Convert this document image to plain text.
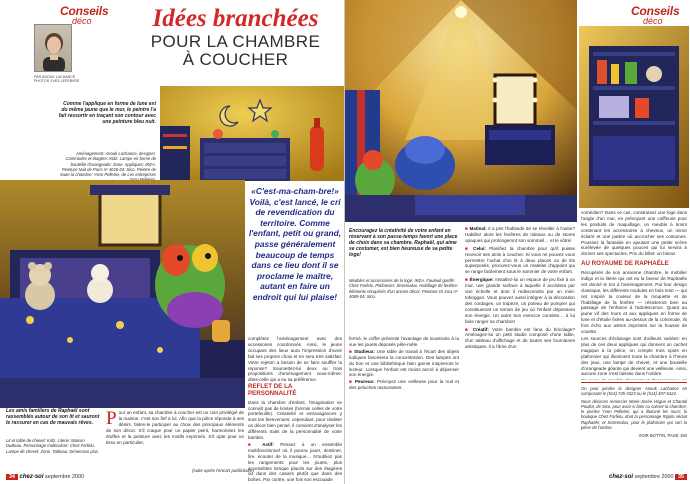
Conseils
déco
PAR ANOUK LACHANCE
PHOTOS YVES LEFEBVRE
Idées branchées
POUR LA CHAMBRE
À COUCHER
Comme l'applique en forme de lune est du même jaune que le mur, le peintre l'a fait ressortir en traçant son contour avec une peinture bleu nuit.
Aménagement: Anouk Lachance, designer. Commodes et étagère: Kidz. Lampe en forme de bouteille d'orangeade: Zone. Appliques: IKEA. Peinture Nuit de Paris nº 4026-03: Sico. Peintre de toute la chambre: Yvon Pelletier, de Les entreprises
«C'est-ma-cham-bre!» Voilà, c'est lancé, le cri de revendication du territoire. Comme l'enfant, petit ou grand, passe généralement beaucoup de temps dans ce lieu dont il se proclame le maître, autant en faire un endroit qui lui plaise!
Les amis familiers de Raphaël sont rassemblés autour de son lit et sauront le rassurer en cas de mauvais rêves.
Lit et table de chevet: Kidz. Literie: Maison DuBeau. Personnage multicolore: Chez Farfelu. Lampe de chevet: Zone. Tableau: Dimension plus.

complétez l'aménagement avec des accessoires coordonnés. Ainsi, le jeune occupant des lieux aura l'impression d'avoir fait ses propres choix et en sera très satisfait. Votre rejeton a besoin de se faire souffler la réponse? Soumettez-lui deux ou trois propositions d'aménagement vous-même: dites-celle qui a eu sa préférence.

REFLET DE LA PERSONNALITÉ

Dans la chambre d'enfant, l'imagination ne connaît pas de limites (hormis celles de votre portefeuille). Créativité et extravagances y sont les bienvenues; cependant, pour réaliser un décor bien pensé, il convient d'analyser les différents traits de la personnalité de votre bambin.

■ Actif: Pensez à un ensemble multifonctionnel où il pourra jouer, dessiner, lire, écouter de la musique… N'oubliez pas les rangements pour les jouets, plus accessibles lorsque placés sur des étagères ou dans des casiers plutôt que dans des boîtes. Par contre, une fois son escouade

P our un enfant, sa chambre à coucher est un coin privilégié de la maison; c'est son fief à lui. Afin que la pièce réponde à ses désirs, faites-le participer au choix des principaux éléments de son décor. S'il craque pour un papier peint, harmonisez les étoffes et la peinture avec les motifs imprimés. S'il opte pour un tissu en particulier,

(suite après l'encart publicitaire)
34 chez-soi septembre 2000
Conseils
déco
Encouragez la créativité de votre enfant en réservant à son passe-temps favori une place de choix dans sa chambre. Raphaël, qui aime se costumer, est bien heureuse de sa petite loge!
Meubles et accessoires de la loge: IKEA. Fauteuil gonflé: Chez Farfelu. Plafonnier: Sistemalux. Habillage de fenêtre: éléments récupérés d'un ancien décor. Peinture Or inca nº 4089-04: Sico.

fermé, le coffre présente l'avantage de soustraire à la vue les jouets déposés pêle-mêle.

■ Studieux: Une table de travail à l'écart des objets ludiques favorisera la concentration. Des lampes ont du bon et une bibliothèque bien garnie inspireront le lecteur. Lorsque l'enfant est moins ancré à dépenser son énergie.

■ Peureux: Prévoyez une veilleuse pour la nuit et des peluches rassurantes.

■ Matinal: Il a pris l'habitude de se réveiller à l'aube? Habillez alors les fenêtres de rideaux ou de stores opaques qui prolongeront son sommeil… et le vôtre!

■ Celui: Planifiez la chambre pour qu'il puisse recevoir ses amis à coucher. Si vous ne pouvez vous permettre l'achat d'un lit à deux places ou de lits superposés, procurez-vous un matelas d'appoint qui se range facilement sous le sommier de votre enfant.

■ Énergique: Installez-lui un espace de jeu fixé à un mur, une grande surface à laquelle il accédera par une échelle et dont il redescendra par un mini-toboggan. Vous pouvez aussi intégrer à la décoration des cordages, un trapèze, un poteau de pompier qui constitueront un terrain de jeu où l'enfant dépensera son énergie. Un autre bon exercice consiste… à lui faire ranger sa chambre!

■ Créatif: Votre bambin est fana du bricolage? Aménagez-lui un petit studio composé d'une table, d'un tableau d'affichage et de toutes ses fournitures artistiques. Il a l'âme d'un

comédien? Dans ce cas, construisez une loge dans l'angle d'un mur, en prévoyant une coiffeuse pour les produits de maquillage, un meuble à tiroirs contenant les accessoires à cheveux, un miroir éclairé et une patère où accrocher ses costumes. Poussez la fantaisie en ajoutant une petite scène surélevée de quelques pouces qui lui servira à donner ses spectacles. Prix du billet: un bisou!

AU ROYAUME DE RAPHAËLE

Récupérés de son ancienne chambre, le mobilier indigo et la literie qui ont eu la faveur de Raphaële ont donné le ton à l'aménagement. Par leur design classique, les différents modules en bois teint — qui ont inspiré la couleur de la moquette et de l'habillage de la fenêtre — résisteront bien au passage de l'enfance à l'adolescence. Quant au jaune vif des murs et aux appliques en forme de lune et d'étoile fixées au-dessus de la commode, ils font écho aux astres imprimés sur la housse de couette.

Les sources d'éclairage sont d'ailleurs variées: en plus de ces deux appliques qui donnent un cachet magique à la pièce, on compte trois spots en plafonnier qui illuminent toute la chambre à l'heure des jeux, une lampe de chevet, et une bouteille d'orangeade géante qui devient une veilleuse. Ainsi, aucune zone n'est laissée dans l'ombre.

On peut joindre la designer Anouk Lachance en composant le (514) 745-3323 ou le (514) 497-5424.

Nous désirons remercier Marie-Josée Hogue et Chantal Pouliot, de Sico, pour avoir si bien su colorer la chambre; le peintre Yvon Pelletier, qui a illuminé les murs; la boutique Chez Farfelu, dont la personnage Rigolo séduit Raphaële; et Sistemalux, pour le plafonnier qui sort la pièce de l'ombre.

VOIR BOTTIN, PAGE 150

chez-soi septembre 2000 35
